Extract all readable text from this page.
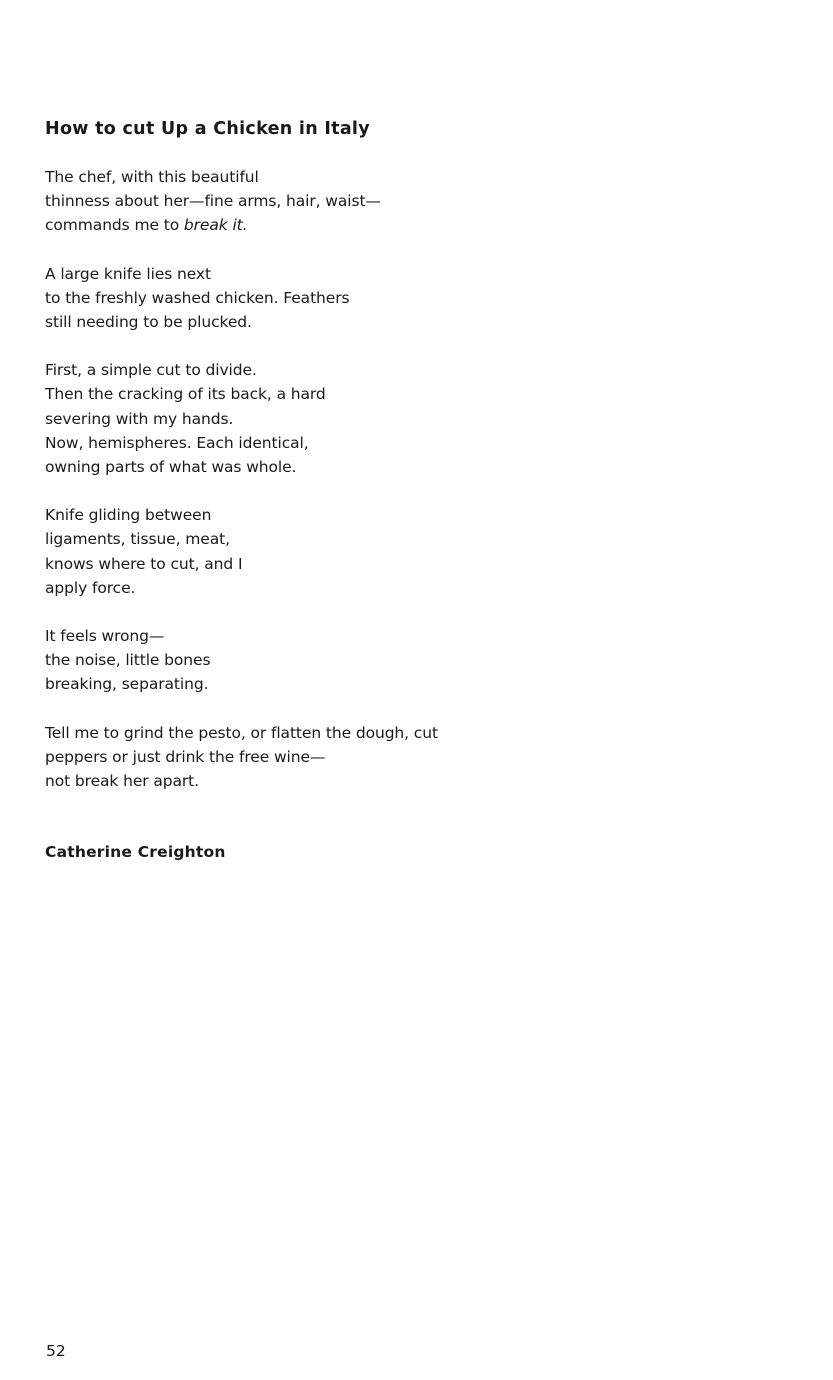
How to cut Up a Chicken in Italy
The chef, with this beautiful
thinness about her—fine arms, hair, waist—
commands me to break it.
A large knife lies next
to the freshly washed chicken. Feathers
still needing to be plucked.
First, a simple cut to divide.
Then the cracking of its back, a hard
severing with my hands.
Now, hemispheres. Each identical,
owning parts of what was whole.
Knife gliding between
ligaments, tissue, meat,
knows where to cut, and I
apply force.
It feels wrong—
the noise, little bones
breaking, separating.
Tell me to grind the pesto, or flatten the dough, cut
peppers or just drink the free wine—
not break her apart.

Catherine Creighton

52
